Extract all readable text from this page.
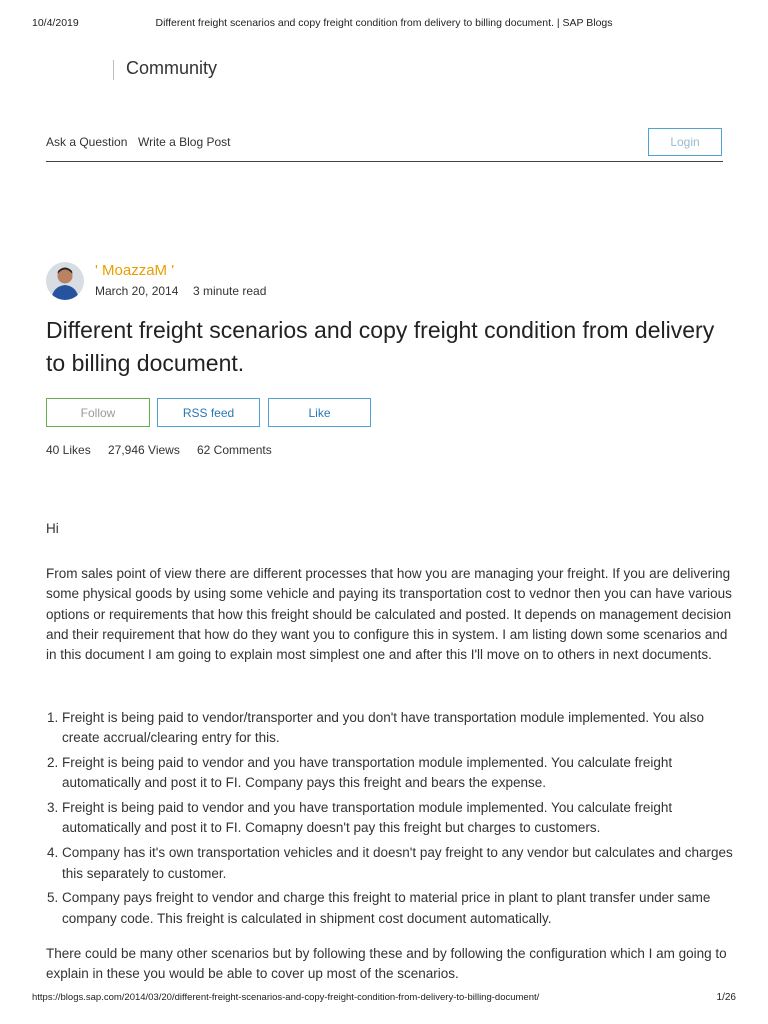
10/4/2019	Different freight scenarios and copy freight condition from delivery to billing document. | SAP Blogs
Community
Ask a Question Write a Blog Post	Login
' MoazzaM '
March 20, 2014 3 minute read
Different freight scenarios and copy freight condition from delivery to billing document.
Follow	RSS feed	Like
40 Likes 27,946 Views 62 Comments
Hi

From sales point of view there are different processes that how you are managing your freight. If you are delivering some physical goods by using some vehicle and paying its transportation cost to vednor then you can have various options or requirements that how this freight should be calculated and posted. It depends on management decision and their requirement that how do they want you to configure this in system. I am listing down some scenarios and in this document I am going to explain most simplest one and after this I'll move on to others in next documents.

1. Freight is being paid to vendor/transporter and you don't have transportation module implemented. You also create accrual/clearing entry for this.
2. Freight is being paid to vendor and you have transportation module implemented. You calculate freight automatically and post it to FI. Company pays this freight and bears the expense.
3. Freight is being paid to vendor and you have transportation module implemented. You calculate freight automatically and post it to FI. Comapny doesn't pay this freight but charges to customers.
4. Company has it's own transportation vehicles and it doesn't pay freight to any vendor but calculates and charges this separately to customer.
5. Company pays freight to vendor and charge this freight to material price in plant to plant transfer under same company code. This freight is calculated in shipment cost document automatically.

There could be many other scenarios but by following these and by following the configuration which I am going to explain in these you would be able to cover up most of the scenarios.

https://blogs.sap.com/2014/03/20/different-freight-scenarios-and-copy-freight-condition-from-delivery-to-billing-document/	1/26
